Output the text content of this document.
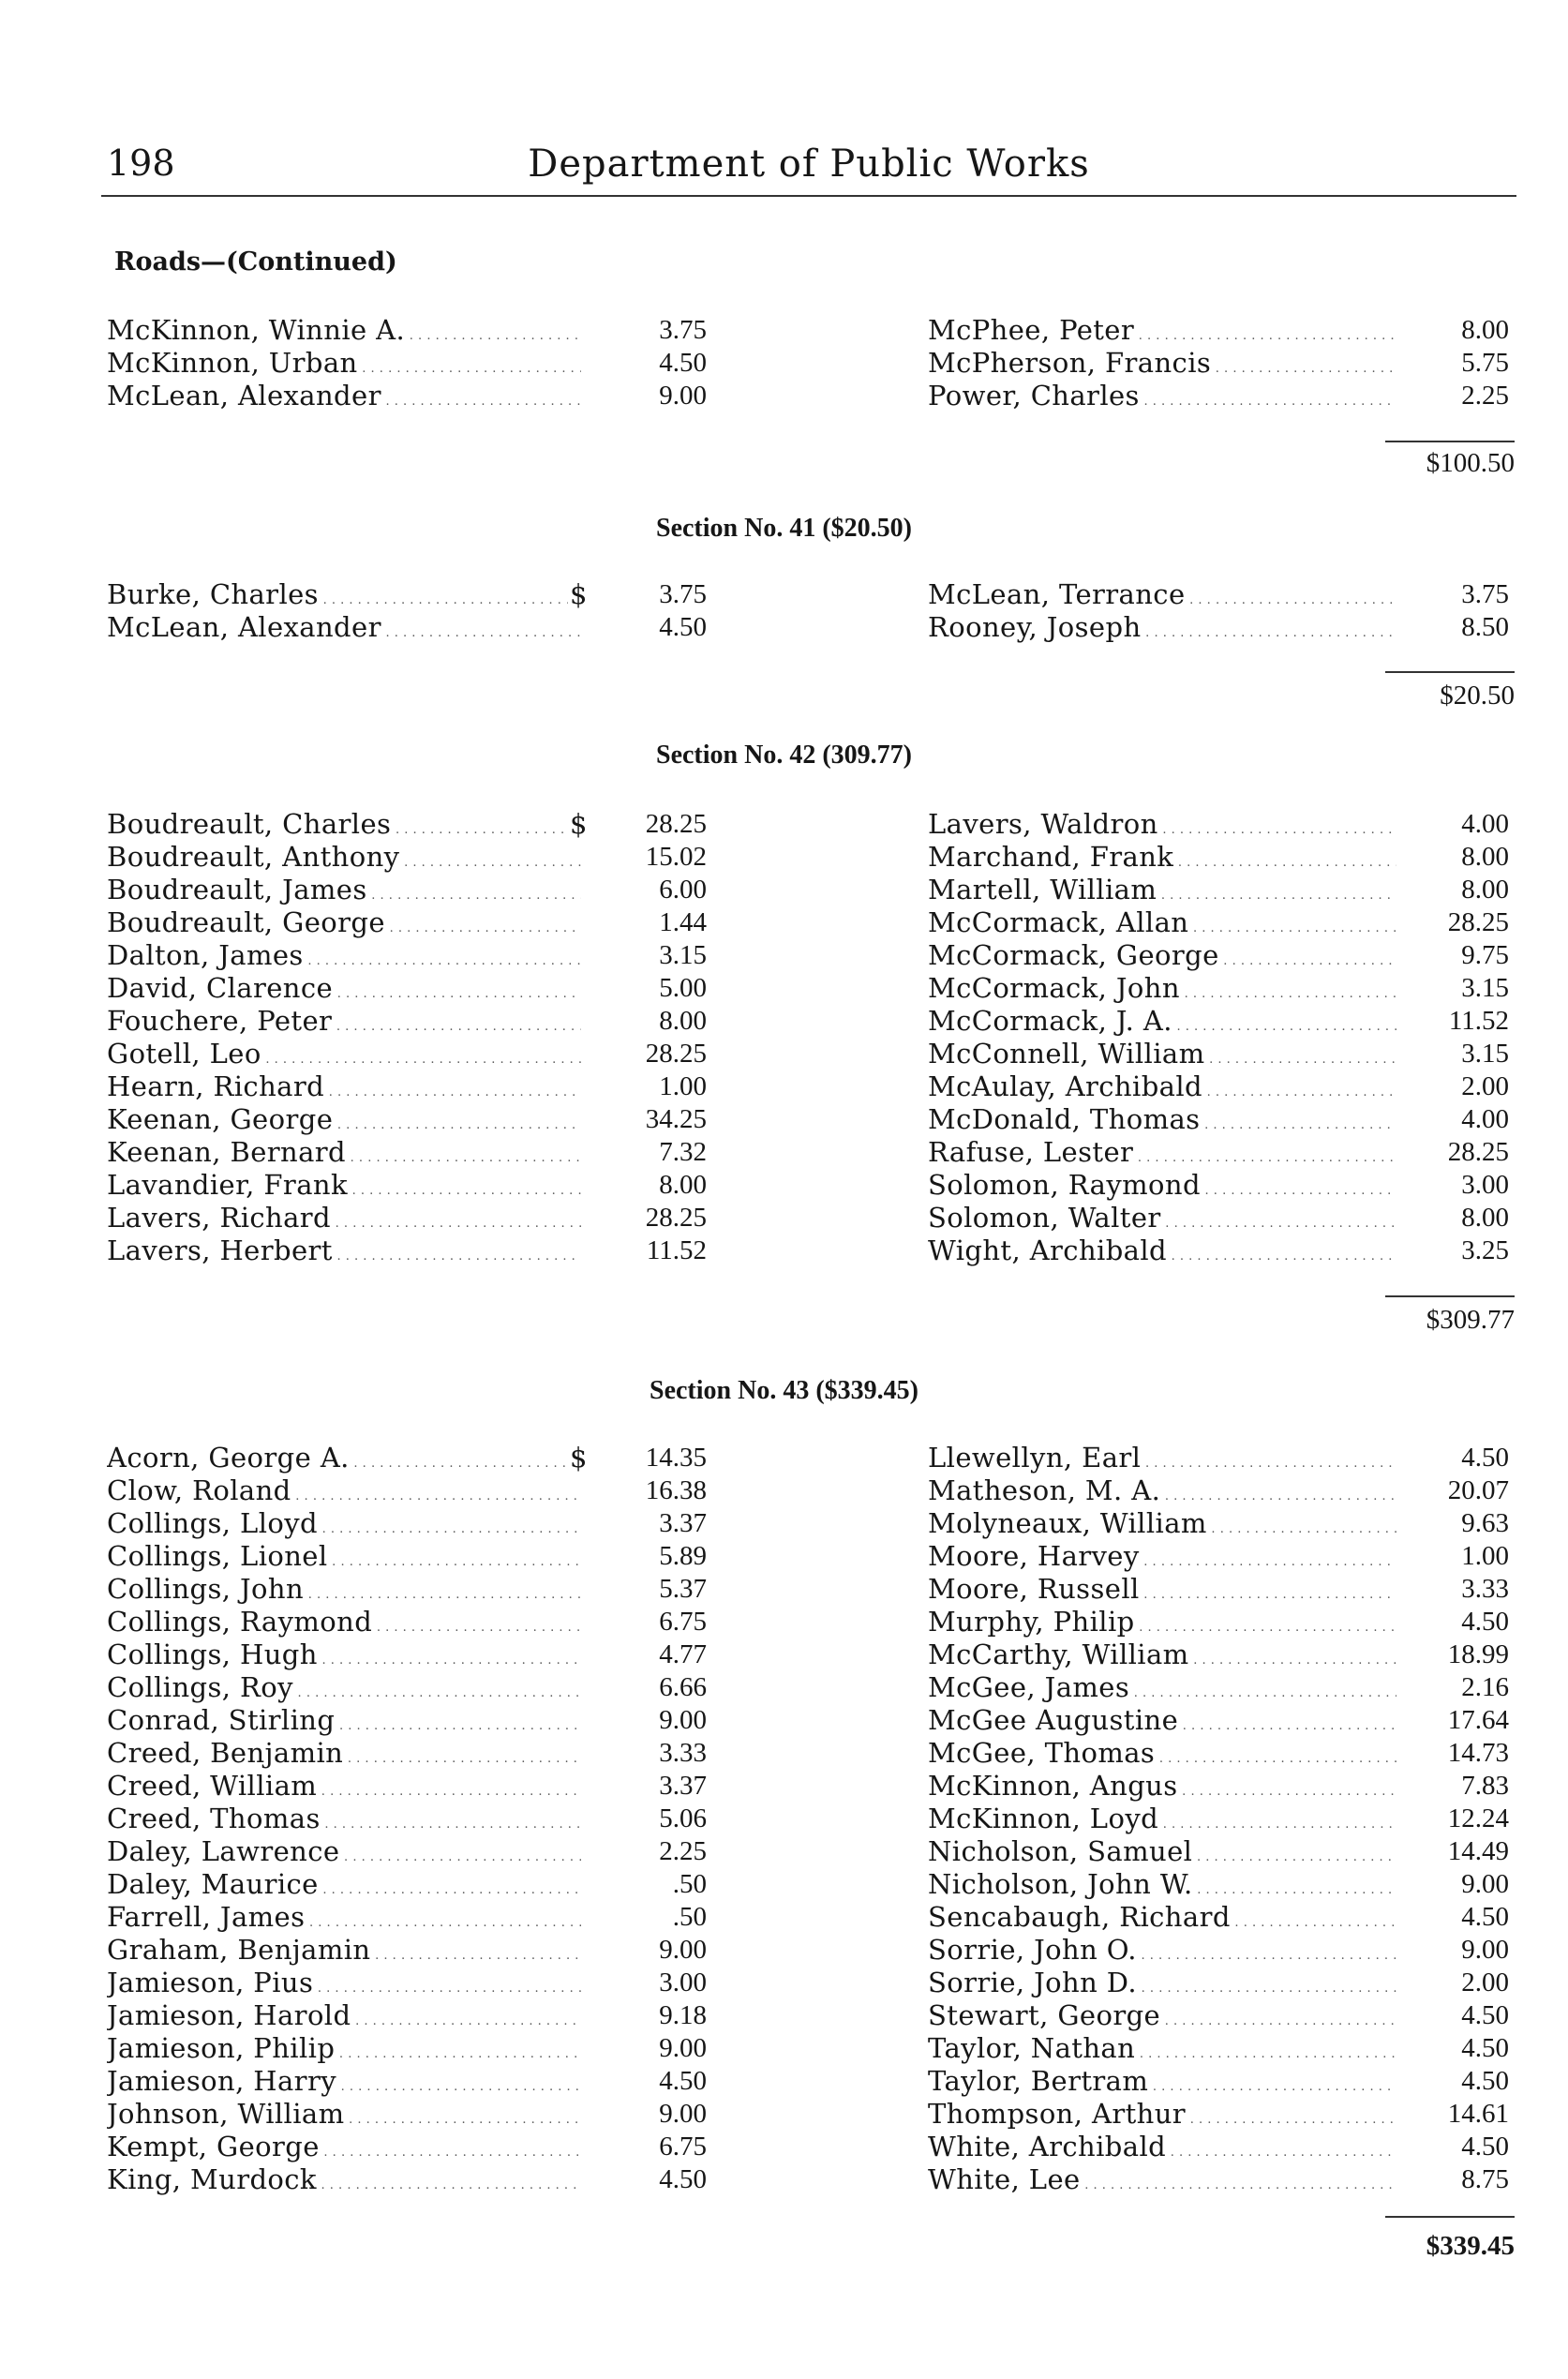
198	Department of Public Works
Roads—(Continued)
McKinnon, Winnie A. . . .	3.75
McKinnon, Urban . . .	4.50
McLean, Alexander . . .	9.00
McPhee, Peter . . .	8.00
McPherson, Francis . . .	5.75
Power, Charles . . .	2.25
$100.50
Section No. 41 ($20.50)
Burke, Charles . . .	$	3.75
McLean, Alexander . . .	4.50
McLean, Terrance . . .	3.75
Rooney, Joseph . . .	8.50
$20.50
Section No. 42 (309.77)
Boudreault, Charles . . .	$	28.25
Boudreault, Anthony . . .	15.02
Boudreault, James . . .	6.00
Boudreault, George . . .	1.44
Dalton, James . . .	3.15
David, Clarence . . .	5.00
Fouchere, Peter . . .	8.00
Gotell, Leo . . .	28.25
Hearn, Richard . . .	1.00
Keenan, George . . .	34.25
Keenan, Bernard . . .	7.32
Lavandier, Frank . . .	8.00
Lavers, Richard . . .	28.25
Lavers, Herbert . . .	11.52
Lavers, Waldron . . .	4.00
Marchand, Frank . . .	8.00
Martell, William . . .	8.00
McCormack, Allan . . .	28.25
McCormack, George . . .	9.75
McCormack, John . . .	3.15
McCormack, J. A. . . .	11.52
McConnell, William . . .	3.15
McAulay, Archibald . . .	2.00
McDonald, Thomas . . .	4.00
Rafuse, Lester . . .	28.25
Solomon, Raymond . . .	3.00
Solomon, Walter . . .	8.00
Wight, Archibald . . .	3.25
$309.77
Section No. 43 ($339.45)
Acorn, George A. . . .	$	14.35
Clow, Roland . . .	16.38
Collings, Lloyd . . .	3.37
Collings, Lionel . . .	5.89
Collings, John . . .	5.37
Collings, Raymond . . .	6.75
Collings, Hugh . . .	4.77
Collings, Roy . . .	6.66
Conrad, Stirling . . .	9.00
Creed, Benjamin . . .	3.33
Creed, William . . .	3.37
Creed, Thomas . . .	5.06
Daley, Lawrence . . .	2.25
Daley, Maurice . . .	.50
Farrell, James . . .	.50
Graham, Benjamin . . .	9.00
Jamieson, Pius . . .	3.00
Jamieson, Harold . . .	9.18
Jamieson, Philip . . .	9.00
Jamieson, Harry . . .	4.50
Johnson, William . . .	9.00
Kempt, George . . .	6.75
King, Murdock . . .	4.50
Llewellyn, Earl . . .	4.50
Matheson, M. A. . . .	20.07
Molyneaux, William . . .	9.63
Moore, Harvey . . .	1.00
Moore, Russell . . .	3.33
Murphy, Philip . . .	4.50
McCarthy, William . . .	18.99
McGee, James . . .	2.16
McGee Augustine . . .	17.64
McGee, Thomas . . .	14.73
McKinnon, Angus . . .	7.83
McKinnon, Loyd . . .	12.24
Nicholson, Samuel . . .	14.49
Nicholson, John W. . . .	9.00
Sencabaugh, Richard . . .	4.50
Sorrie, John O. . . .	9.00
Sorrie, John D. . . .	2.00
Stewart, George . . .	4.50
Taylor, Nathan . . .	4.50
Taylor, Bertram . . .	4.50
Thompson, Arthur . . .	14.61
White, Archibald . . .	4.50
White, Lee . . .	8.75
$339.45
